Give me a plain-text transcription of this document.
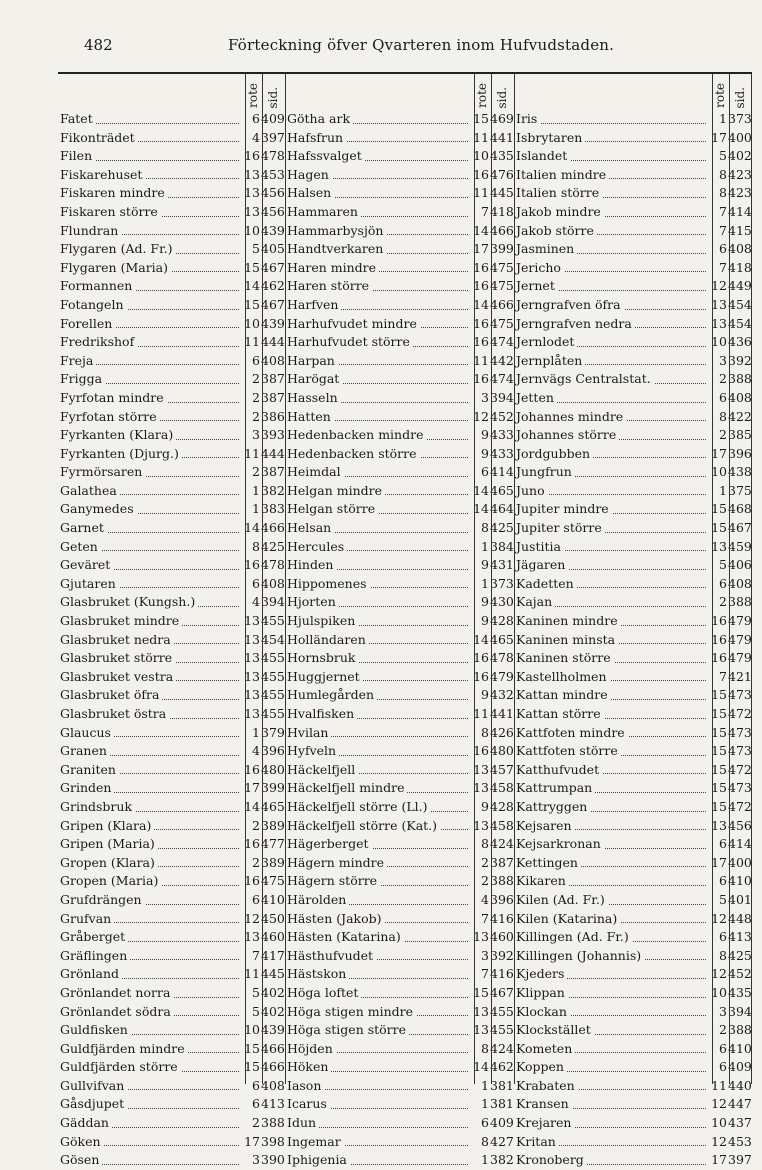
482	Förteckning öfver Qvarteren inom Hufvudstaden.
rote sid.
Fatet	6 409
Fikonträdet	4 397
Filen	16 478
Fiskarehuset	13 453
Fiskaren mindre	13 456
Fiskaren större	13 456
Flundran	10 439
Flygaren (Ad. Fr.)	5 405
Flygaren (Maria)	15 467
Formannen	14 462
Fotangeln	15 467
Forellen	10 439
Fredrikshof	11 444
Freja	6 408
Frigga	2 387
Fyrfotan mindre	2 387
Fyrfotan större	2 386
Fyrkanten (Klara)	3 393
Fyrkanten (Djurg.)	11 444
Fyrmörsaren	2 387
Galathea	1 382
Ganymedes	1 383
Garnet	14 466
Geten	8 425
Geväret	16 478
Gjutaren	6 408
Glasbruket (Kungsh.)	4 394
Glasbruket mindre	13 455
Glasbruket nedra	13 454
Glasbruket större	13 455
Glasbruket vestra	13 455
Glasbruket öfra	13 455
Glasbruket östra	13 455
Glaucus	1 379
Granen	4 396
Graniten	16 480
Grinden	17 399
Grindsbruk	14 465
Gripen (Klara)	2 389
Gripen (Maria)	16 477
Gropen (Klara)	2 389
Gropen (Maria)	16 475
Grufdrängen	6 410
Grufvan	12 450
Gråberget	13 460
Gräflingen	7 417
Grönland	11 445
Grönlandet norra	5 402
Grönlandet södra	5 402
Guldfisken	10 439
Guldfjärden mindre	15 466
Guldfjärden större	15 466
Gullvifvan	6 408
Gåsdjupet	6 413
Gäddan	2 388
Göken	17 398
Gösen	3 390
rote sid.
Götha ark	15 469
Hafsfrun	11 441
Hafssvalget	10 435
Hagen	16 476
Halsen	11 445
Hammaren	7 418
Hammarbysjön	14 466
Handtverkaren	17 399
Haren mindre	16 475
Haren större	16 475
Harfven	14 466
Harhufvudet mindre	16 475
Harhufvudet större	16 474
Harpan	11 442
Harögat	16 474
Hasseln	3 394
Hatten	12 452
Hedenbacken mindre	9 433
Hedenbacken större	9 433
Heimdal	6 414
Helgan mindre	14 465
Helgan större	14 464
Helsan	8 425
Hercules	1 384
Hinden	9 431
Hippomenes	1 373
Hjorten	9 430
Hjulspiken	9 428
Holländaren	14 465
Hornsbruk	16 478
Huggjernet	16 479
Humlegården	9 432
Hvalfisken	11 441
Hvilan	8 426
Hyfveln	16 480
Häckelfjell	13 457
Häckelfjell mindre	13 458
Häckelfjell större (Ll.)	9 428
Häckelfjell större (Kat.)	13 458
Hägerberget	8 424
Hägern mindre	2 387
Hägern större	2 388
Härolden	4 396
Hästen (Jakob)	7 416
Hästen (Katarina)	13 460
Hästhufvudet	3 392
Hästskon	7 416
Höga loftet	15 467
Höga stigen mindre	13 455
Höga stigen större	13 455
Höjden	8 424
Höken	14 462
Iason	1 381
Icarus	1 381
Idun	6 409
Ingemar	8 427
Iphigenia	1 382
rote sid.
Iris	1 373
Isbrytaren	17 400
Islandet	5 402
Italien mindre	8 423
Italien större	8 423
Jakob mindre	7 414
Jakob större	7 415
Jasminen	6 408
Jericho	7 418
Jernet	12 449
Jerngrafven öfra	13 454
Jerngrafven nedra	13 454
Jernlodet	10 436
Jernplåten	3 392
Jernvägs Centralstat.	2 388
Jetten	6 408
Johannes mindre	8 422
Johannes större	2 385
Jordgubben	17 396
Jungfrun	10 438
Juno	1 375
Jupiter mindre	15 468
Jupiter större	15 467
Justitia	13 459
Jägaren	5 406
Kadetten	6 408
Kajan	2 388
Kaninen mindre	16 479
Kaninen minsta	16 479
Kaninen större	16 479
Kastellholmen	7 421
Kattan mindre	15 473
Kattan större	15 472
Kattfoten mindre	15 473
Kattfoten större	15 473
Katthufvudet	15 472
Kattrumpan	15 473
Kattryggen	15 472
Kejsaren	13 456
Kejsarkronan	6 414
Kettingen	17 400
Kikaren	6 410
Kilen (Ad. Fr.)	5 401
Kilen (Katarina)	12 448
Killingen (Ad. Fr.)	6 413
Killingen (Johannis)	8 425
Kjeders	12 452
Klippan	10 435
Klockan	3 394
Klockstället	2 388
Kometen	6 410
Koppen	6 409
Krabaten	11 440
Kransen	12 447
Krejaren	10 437
Kritan	12 453
Kronoberg	17 397
